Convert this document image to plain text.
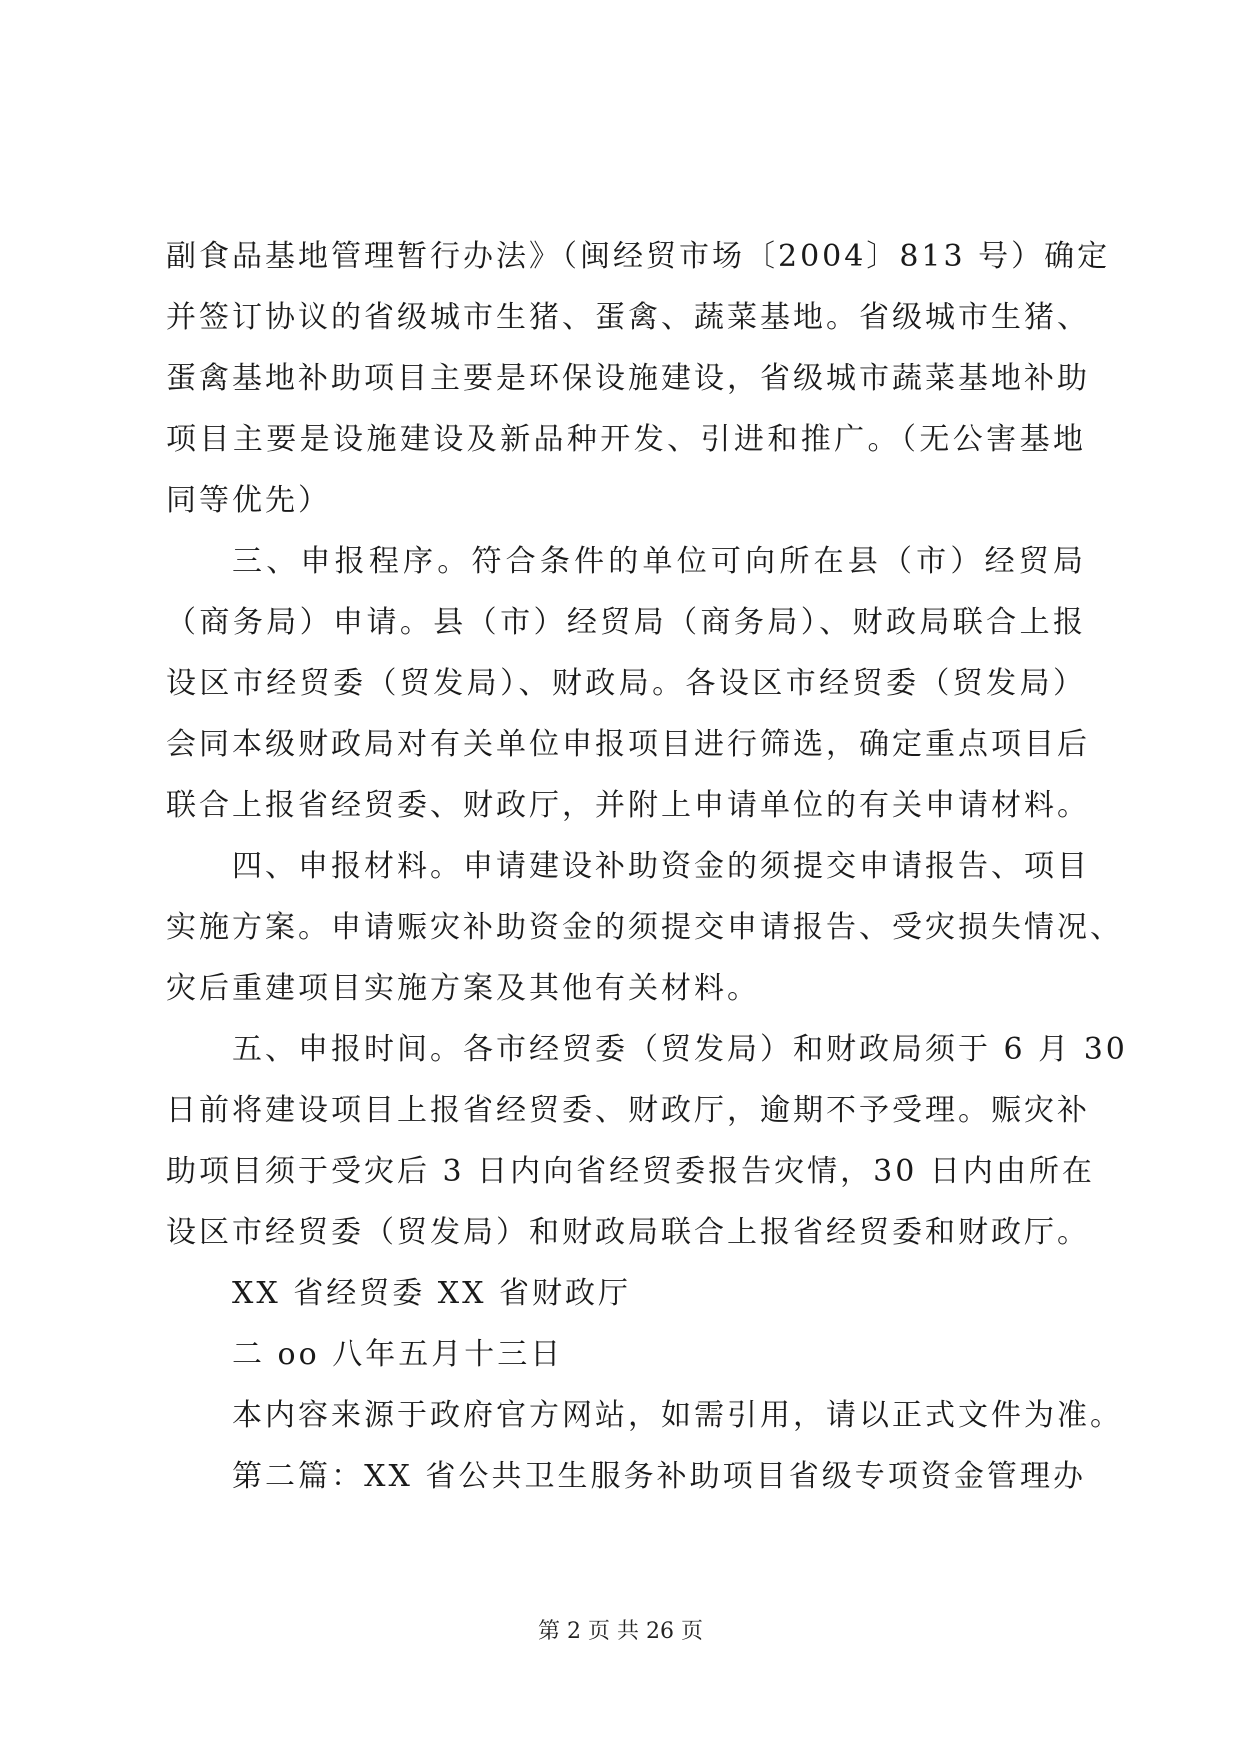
副食品基地管理暂行办法》（闽经贸市场〔2004〕813 号）确定
并签订协议的省级城市生猪、蛋禽、蔬菜基地。省级城市生猪、
蛋禽基地补助项目主要是环保设施建设，省级城市蔬菜基地补助
项目主要是设施建设及新品种开发、引进和推广。（无公害基地
同等优先）
三、申报程序。符合条件的单位可向所在县（市）经贸局
（商务局）申请。县（市）经贸局（商务局）、财政局联合上报
设区市经贸委（贸发局）、财政局。各设区市经贸委（贸发局）
会同本级财政局对有关单位申报项目进行筛选，确定重点项目后
联合上报省经贸委、财政厅，并附上申请单位的有关申请材料。
四、申报材料。申请建设补助资金的须提交申请报告、项目
实施方案。申请赈灾补助资金的须提交申请报告、受灾损失情况、
灾后重建项目实施方案及其他有关材料。
五、申报时间。各市经贸委（贸发局）和财政局须于 6 月 30
日前将建设项目上报省经贸委、财政厅，逾期不予受理。赈灾补
助项目须于受灾后 3 日内向省经贸委报告灾情，30 日内由所在
设区市经贸委（贸发局）和财政局联合上报省经贸委和财政厅。
XX 省经贸委 XX 省财政厅
二 oo 八年五月十三日
本内容来源于政府官方网站，如需引用，请以正式文件为准。
第二篇：XX 省公共卫生服务补助项目省级专项资金管理办
第 2 页 共 26 页
